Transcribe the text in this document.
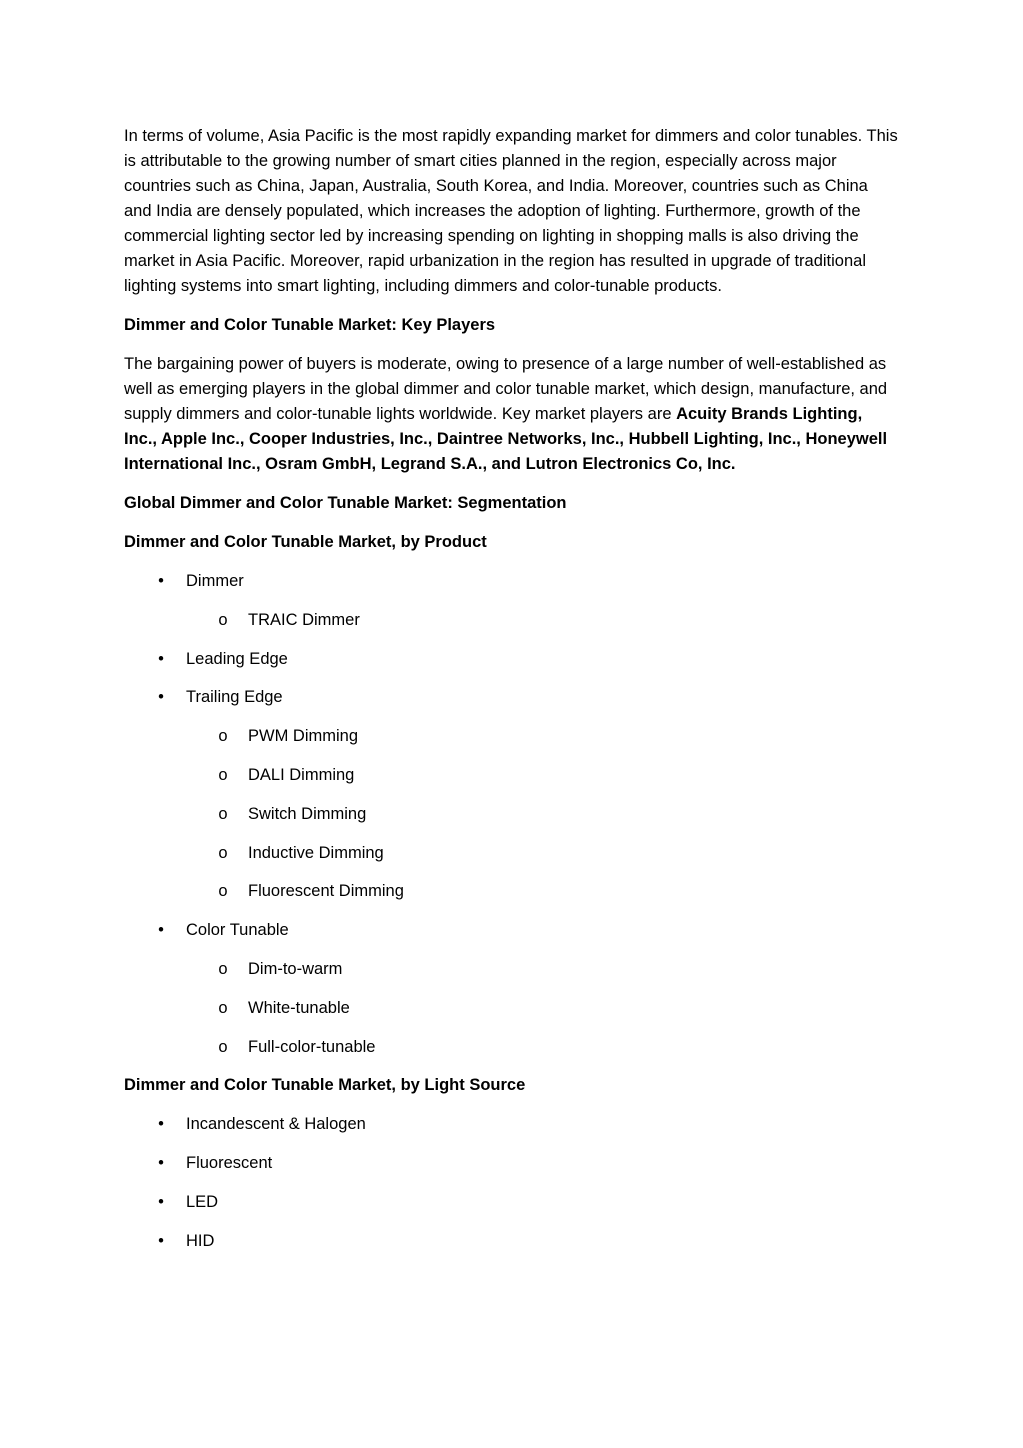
In terms of volume, Asia Pacific is the most rapidly expanding market for dimmers and color tunables. This is attributable to the growing number of smart cities planned in the region, especially across major countries such as China, Japan, Australia, South Korea, and India. Moreover, countries such as China and India are densely populated, which increases the adoption of lighting. Furthermore, growth of the commercial lighting sector led by increasing spending on lighting in shopping malls is also driving the market in Asia Pacific. Moreover, rapid urbanization in the region has resulted in upgrade of traditional lighting systems into smart lighting, including dimmers and color-tunable products.

Dimmer and Color Tunable Market: Key Players

The bargaining power of buyers is moderate, owing to presence of a large number of well-established as well as emerging players in the global dimmer and color tunable market, which design, manufacture, and supply dimmers and color-tunable lights worldwide. Key market players are Acuity Brands Lighting, Inc., Apple Inc., Cooper Industries, Inc., Daintree Networks, Inc., Hubbell Lighting, Inc., Honeywell International Inc., Osram GmbH, Legrand S.A., and Lutron Electronics Co, Inc.

Global Dimmer and Color Tunable Market: Segmentation

Dimmer and Color Tunable Market, by Product

• Dimmer
o TRAIC Dimmer
• Leading Edge
• Trailing Edge
o PWM Dimming
o DALI Dimming
o Switch Dimming
o Inductive Dimming
o Fluorescent Dimming
• Color Tunable
o Dim-to-warm
o White-tunable
o Full-color-tunable

Dimmer and Color Tunable Market, by Light Source

• Incandescent & Halogen
• Fluorescent
• LED
• HID
